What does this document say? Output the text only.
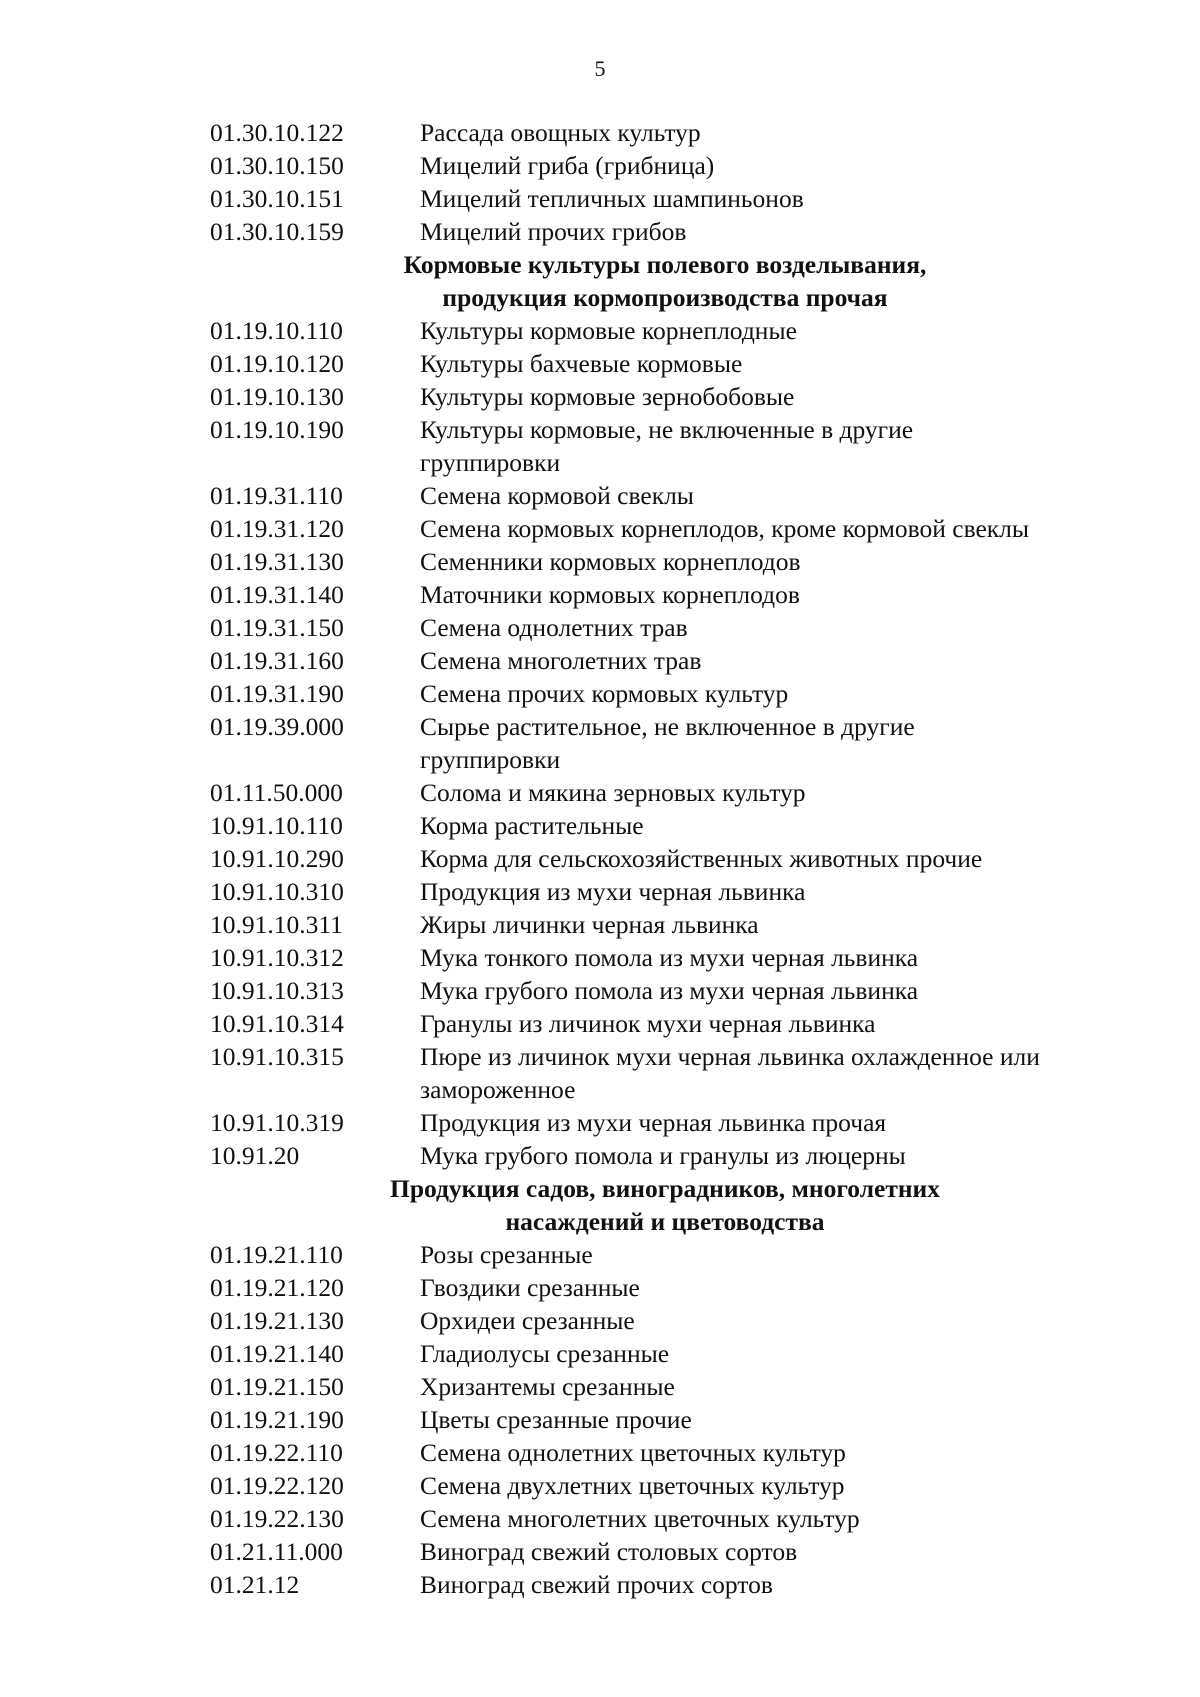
5
01.30.10.122	Рассада овощных культур
01.30.10.150	Мицелий гриба (грибница)
01.30.10.151	Мицелий тепличных шампиньонов
01.30.10.159	Мицелий прочих грибов
Кормовые культуры полевого возделывания,
продукция кормопроизводства прочая
01.19.10.110	Культуры кормовые корнеплодные
01.19.10.120	Культуры бахчевые кормовые
01.19.10.130	Культуры кормовые зернобобовые
01.19.10.190	Культуры кормовые, не включенные в другие
группировки
01.19.31.110	Семена кормовой свеклы
01.19.31.120	Семена кормовых корнеплодов, кроме кормовой свеклы
01.19.31.130	Семенники кормовых корнеплодов
01.19.31.140	Маточники кормовых корнеплодов
01.19.31.150	Семена однолетних трав
01.19.31.160	Семена многолетних трав
01.19.31.190	Семена прочих кормовых культур
01.19.39.000	Сырье растительное, не включенное в другие
группировки
01.11.50.000	Солома и мякина зерновых культур
10.91.10.110	Корма растительные
10.91.10.290	Корма для сельскохозяйственных животных прочие
10.91.10.310	Продукция из мухи черная львинка
10.91.10.311	Жиры личинки черная львинка
10.91.10.312	Мука тонкого помола из мухи черная львинка
10.91.10.313	Мука грубого помола из мухи черная львинка
10.91.10.314	Гранулы из личинок мухи черная львинка
10.91.10.315	Пюре из личинок мухи черная львинка охлажденное или
замороженное
10.91.10.319	Продукция из мухи черная львинка прочая
10.91.20	Мука грубого помола и гранулы из люцерны
Продукция садов, виноградников, многолетних
насаждений и цветоводства
01.19.21.110	Розы срезанные
01.19.21.120	Гвоздики срезанные
01.19.21.130	Орхидеи срезанные
01.19.21.140	Гладиолусы срезанные
01.19.21.150	Хризантемы срезанные
01.19.21.190	Цветы срезанные прочие
01.19.22.110	Семена однолетних цветочных культур
01.19.22.120	Семена двухлетних цветочных культур
01.19.22.130	Семена многолетних цветочных культур
01.21.11.000	Виноград свежий столовых сортов
01.21.12	Виноград свежий прочих сортов
